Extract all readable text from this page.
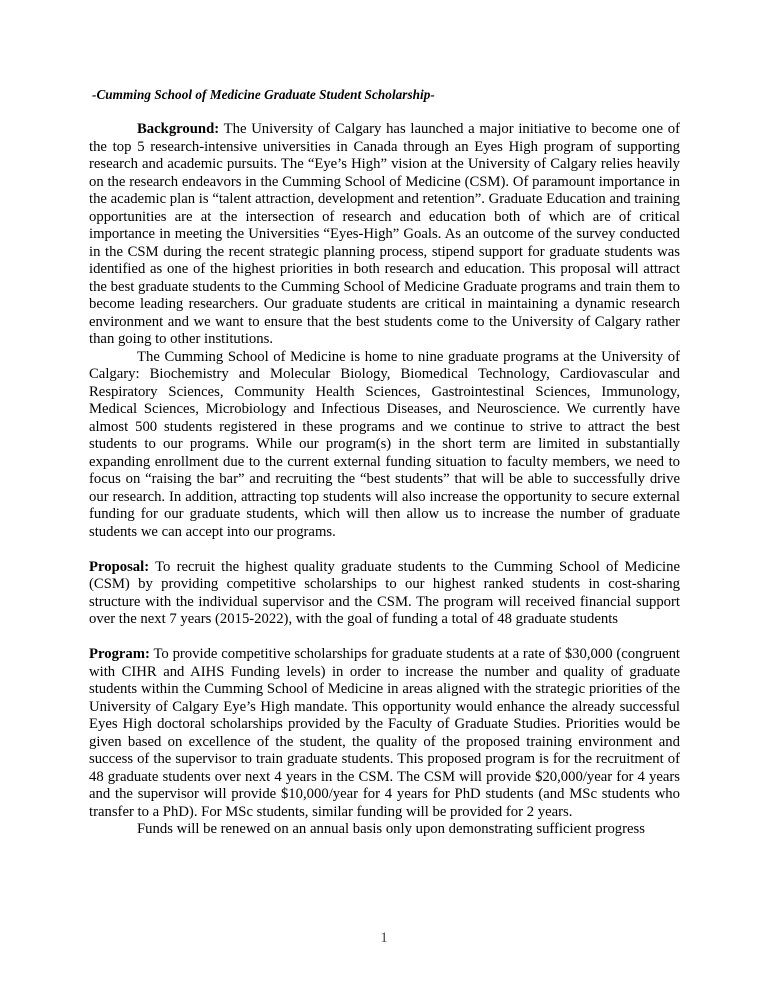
-Cumming School of Medicine Graduate Student Scholarship-

Background: The University of Calgary has launched a major initiative to become one of the top 5 research-intensive universities in Canada through an Eyes High program of supporting research and academic pursuits. The “Eye’s High” vision at the University of Calgary relies heavily on the research endeavors in the Cumming School of Medicine (CSM). Of paramount importance in the academic plan is “talent attraction, development and retention”. Graduate Education and training opportunities are at the intersection of research and education both of which are of critical importance in meeting the Universities “Eyes-High” Goals. As an outcome of the survey conducted in the CSM during the recent strategic planning process, stipend support for graduate students was identified as one of the highest priorities in both research and education. This proposal will attract the best graduate students to the Cumming School of Medicine Graduate programs and train them to become leading researchers. Our graduate students are critical in maintaining a dynamic research environment and we want to ensure that the best students come to the University of Calgary rather than going to other institutions.

The Cumming School of Medicine is home to nine graduate programs at the University of Calgary: Biochemistry and Molecular Biology, Biomedical Technology, Cardiovascular and Respiratory Sciences, Community Health Sciences, Gastrointestinal Sciences, Immunology, Medical Sciences, Microbiology and Infectious Diseases, and Neuroscience. We currently have almost 500 students registered in these programs and we continue to strive to attract the best students to our programs. While our program(s) in the short term are limited in substantially expanding enrollment due to the current external funding situation to faculty members, we need to focus on “raising the bar” and recruiting the “best students” that will be able to successfully drive our research. In addition, attracting top students will also increase the opportunity to secure external funding for our graduate students, which will then allow us to increase the number of graduate students we can accept into our programs.

Proposal: To recruit the highest quality graduate students to the Cumming School of Medicine (CSM) by providing competitive scholarships to our highest ranked students in cost-sharing structure with the individual supervisor and the CSM. The program will received financial support over the next 7 years (2015-2022), with the goal of funding a total of 48 graduate students

Program: To provide competitive scholarships for graduate students at a rate of $30,000 (congruent with CIHR and AIHS Funding levels) in order to increase the number and quality of graduate students within the Cumming School of Medicine in areas aligned with the strategic priorities of the University of Calgary Eye’s High mandate. This opportunity would enhance the already successful Eyes High doctoral scholarships provided by the Faculty of Graduate Studies. Priorities would be given based on excellence of the student, the quality of the proposed training environment and success of the supervisor to train graduate students. This proposed program is for the recruitment of 48 graduate students over next 4 years in the CSM. The CSM will provide $20,000/year for 4 years and the supervisor will provide $10,000/year for 4 years for PhD students (and MSc students who transfer to a PhD). For MSc students, similar funding will be provided for 2 years.

Funds will be renewed on an annual basis only upon demonstrating sufficient progress

1
